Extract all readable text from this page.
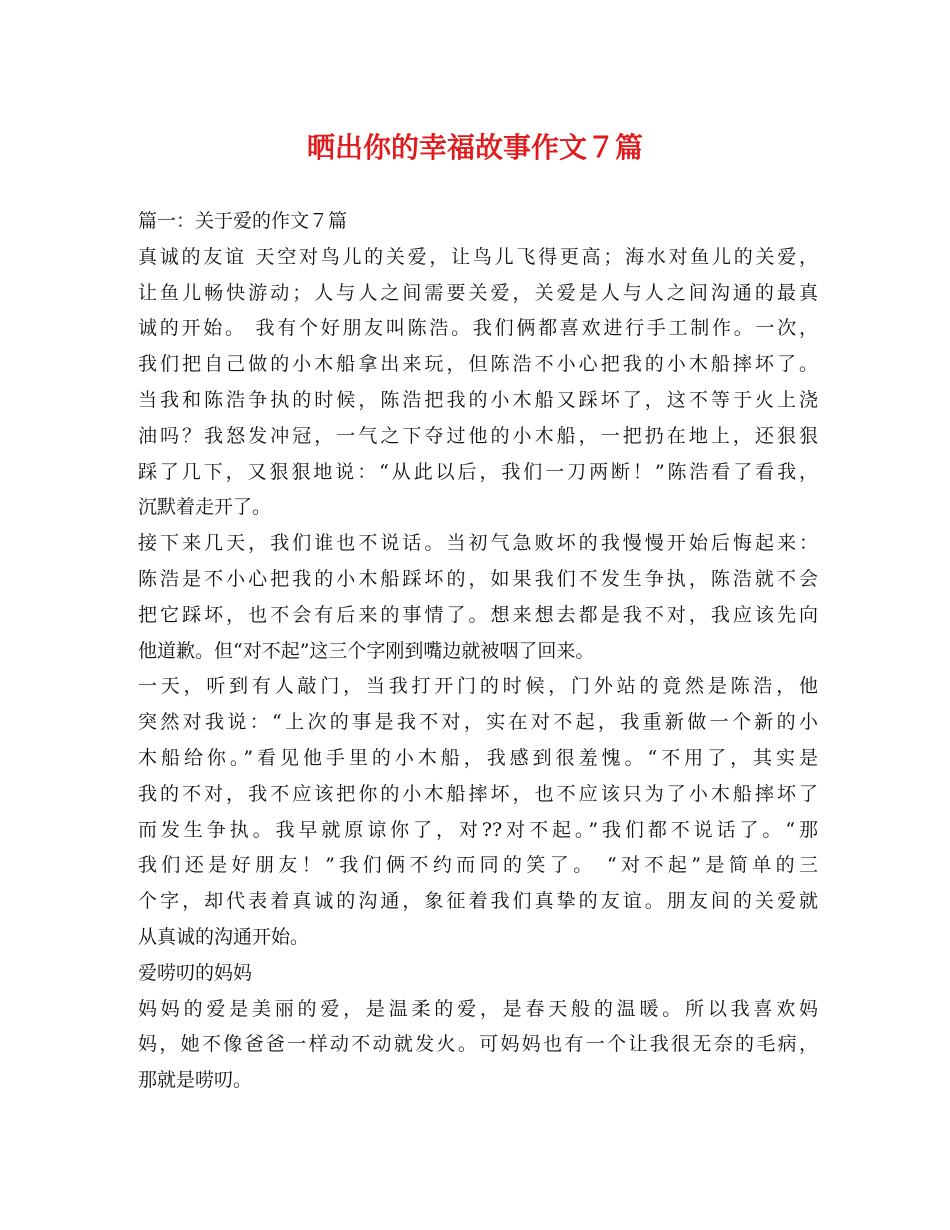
晒出你的幸福故事作文７篇
篇一：关于爱的作文７篇
真诚的友谊 天空对鸟儿的关爱，让鸟儿飞得更高；海水对鱼儿的关爱，
让鱼儿畅快游动；人与人之间需要关爱，关爱是人与人之间沟通的最真
诚的开始。 我有个好朋友叫陈浩。我们俩都喜欢进行手工制作。一次，
我们把自己做的小木船拿出来玩，但陈浩不小心把我的小木船摔坏了。
当我和陈浩争执的时候，陈浩把我的小木船又踩坏了，这不等于火上浇
油吗？我怒发冲冠，一气之下夺过他的小木船，一把扔在地上，还狠狠
踩了几下，又狠狠地说：“从此以后，我们一刀两断！”陈浩看了看我，
沉默着走开了。
接下来几天，我们谁也不说话。当初气急败坏的我慢慢开始后悔起来：
陈浩是不小心把我的小木船踩坏的，如果我们不发生争执，陈浩就不会
把它踩坏，也不会有后来的事情了。想来想去都是我不对，我应该先向
他道歉。但“对不起”这三个字刚到嘴边就被咽了回来。
一天，听到有人敲门，当我打开门的时候，门外站的竟然是陈浩，他
突然对我说：“上次的事是我不对，实在对不起，我重新做一个新的小
木船给你。”看见他手里的小木船，我感到很羞愧。“不用了，其实是
我的不对，我不应该把你的小木船摔坏，也不应该只为了小木船摔坏了
而发生争执。我早就原谅你了，对??对不起。”我们都不说话了。“那
我们还是好朋友！”我们俩不约而同的笑了。 “对不起”是简单的三
个字，却代表着真诚的沟通，象征着我们真挚的友谊。朋友间的关爱就
从真诚的沟通开始。
爱唠叨的妈妈
妈妈的爱是美丽的爱，是温柔的爱，是春天般的温暖。所以我喜欢妈
妈，她不像爸爸一样动不动就发火。可妈妈也有一个让我很无奈的毛病，
那就是唠叨。
